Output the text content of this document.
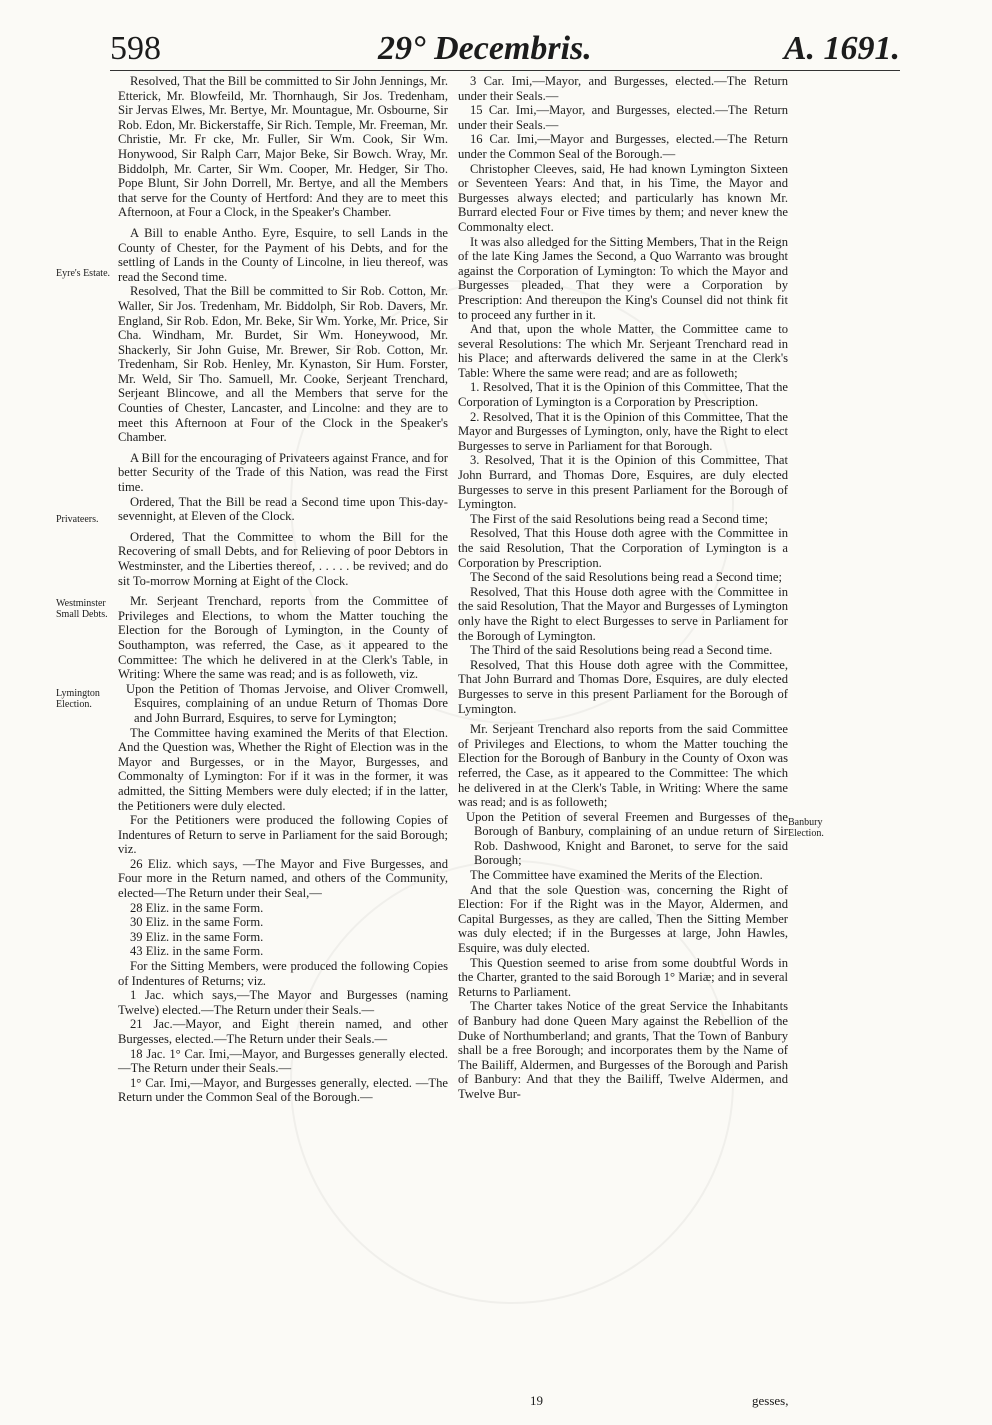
598	29° Decembris.	A. 1691.
Eyre's Estate.
Privateers.
Westminster Small Debts.
Lymington Election.
Banbury Election.

Resolved, That the Bill be committed to Sir John Jennings, Mr. Etterick, Mr. Blowfeild, Mr. Thornhaugh, Sir Jos. Tredenham, Sir Jervas Elwes, Mr. Bertye, Mr. Mountague, Mr. Osbourne, Sir Rob. Edon, Mr. Bickerstaffe, Sir Rich. Temple, Mr. Freeman, Mr. Christie, Mr. Fr cke, Mr. Fuller, Sir Wm. Cook, Sir Wm. Honywood, Sir Ralph Carr, Major Beke, Sir Bowch. Wray, Mr. Biddolph, Mr. Carter, Sir Wm. Cooper, Mr. Hedger, Sir Tho. Pope Blunt, Sir John Dorrell, Mr. Bertye, and all the Members that serve for the County of Hertford: And they are to meet this Afternoon, at Four a Clock, in the Speaker's Chamber.

A Bill to enable Antho. Eyre, Esquire, to sell Lands in the County of Chester, for the Payment of his Debts, and for the settling of Lands in the County of Lincolne, in lieu thereof, was read the Second time.

Resolved, That the Bill be committed to Sir Rob. Cotton, Mr. Waller, Sir Jos. Tredenham, Mr. Biddolph, Sir Rob. Davers, Mr. England, Sir Rob. Edon, Mr. Beke, Sir Wm. Yorke, Mr. Price, Sir Cha. Windham, Mr. Burdet, Sir Wm. Honeywood, Mr. Shackerly, Sir John Guise, Mr. Brewer, Sir Rob. Cotton, Mr. Tredenham, Sir Rob. Henley, Mr. Kynaston, Sir Hum. Forster, Mr. Weld, Sir Tho. Samuell, Mr. Cooke, Serjeant Trenchard, Serjeant Blincowe, and all the Members that serve for the Counties of Chester, Lancaster, and Lincolne: and they are to meet this Afternoon at Four of the Clock in the Speaker's Chamber.

A Bill for the encouraging of Privateers against France, and for better Security of the Trade of this Nation, was read the First time.

Ordered, That the Bill be read a Second time upon This-day-sevennight, at Eleven of the Clock.

Ordered, That the Committee to whom the Bill for the Recovering of small Debts, and for Relieving of poor Debtors in Westminster, and the Liberties thereof, . . . . . be revived; and do sit To-morrow Morning at Eight of the Clock.

Mr. Serjeant Trenchard, reports from the Committee of Privileges and Elections, to whom the Matter touching the Election for the Borough of Lymington, in the County of Southampton, was referred, the Case, as it appeared to the Committee: The which he delivered in at the Clerk's Table, in Writing: Where the same was read; and is as followeth, viz.

Upon the Petition of Thomas Jervoise, and Oliver Cromwell, Esquires, complaining of an undue Return of Thomas Dore and John Burrard, Esquires, to serve for Lymington;

The Committee having examined the Merits of that Election. And the Question was, Whether the Right of Election was in the Mayor and Burgesses, or in the Mayor, Burgesses, and Commonalty of Lymington: For if it was in the former, it was admitted, the Sitting Members were duly elected; if in the latter, the Petitioners were duly elected.

For the Petitioners were produced the following Copies of Indentures of Return to serve in Parliament for the said Borough; viz.

26 Eliz. which says, —The Mayor and Five Burgesses, and Four more in the Return named, and others of the Community, elected—The Return under their Seal,—

28 Eliz. in the same Form.

30 Eliz. in the same Form.

39 Eliz. in the same Form.

43 Eliz. in the same Form.

For the Sitting Members, were produced the following Copies of Indentures of Returns; viz.

1 Jac. which says,—The Mayor and Burgesses (naming Twelve) elected.—The Return under their Seals.—

21 Jac.—Mayor, and Eight therein named, and other Burgesses, elected.—The Return under their Seals.—

18 Jac. 1° Car. Imi,—Mayor, and Burgesses generally elected.—The Return under their Seals.—

1° Car. Imi,—Mayor, and Burgesses generally, elected. —The Return under the Common Seal of the Borough.—

3 Car. Imi,—Mayor, and Burgesses, elected.—The Return under their Seals.—

15 Car. Imi,—Mayor, and Burgesses, elected.—The Return under their Seals.—

16 Car. Imi,—Mayor and Burgesses, elected.—The Return under the Common Seal of the Borough.—

Christopher Cleeves, said, He had known Lymington Sixteen or Seventeen Years: And that, in his Time, the Mayor and Burgesses always elected; and particularly has known Mr. Burrard elected Four or Five times by them; and never knew the Commonalty elect.

It was also alledged for the Sitting Members, That in the Reign of the late King James the Second, a Quo Warranto was brought against the Corporation of Lymington: To which the Mayor and Burgesses pleaded, That they were a Corporation by Prescription: And thereupon the King's Counsel did not think fit to proceed any further in it.

And that, upon the whole Matter, the Committee came to several Resolutions: The which Mr. Serjeant Trenchard read in his Place; and afterwards delivered the same in at the Clerk's Table: Where the same were read; and are as followeth;

1. Resolved, That it is the Opinion of this Committee, That the Corporation of Lymington is a Corporation by Prescription.

2. Resolved, That it is the Opinion of this Committee, That the Mayor and Burgesses of Lymington, only, have the Right to elect Burgesses to serve in Parliament for that Borough.

3. Resolved, That it is the Opinion of this Committee, That John Burrard, and Thomas Dore, Esquires, are duly elected Burgesses to serve in this present Parliament for the Borough of Lymington.

The First of the said Resolutions being read a Second time;

Resolved, That this House doth agree with the Committee in the said Resolution, That the Corporation of Lymington is a Corporation by Prescription.

The Second of the said Resolutions being read a Second time;

Resolved, That this House doth agree with the Committee in the said Resolution, That the Mayor and Burgesses of Lymington only have the Right to elect Burgesses to serve in Parliament for the Borough of Lymington.

The Third of the said Resolutions being read a Second time.

Resolved, That this House doth agree with the Committee, That John Burrard and Thomas Dore, Esquires, are duly elected Burgesses to serve in this present Parliament for the Borough of Lymington.

Mr. Serjeant Trenchard also reports from the said Committee of Privileges and Elections, to whom the Matter touching the Election for the Borough of Banbury in the County of Oxon was referred, the Case, as it appeared to the Committee: The which he delivered in at the Clerk's Table, in Writing: Where the same was read; and is as followeth;

Upon the Petition of several Freemen and Burgesses of the Borough of Banbury, complaining of an undue return of Sir Rob. Dashwood, Knight and Baronet, to serve for the said Borough;

The Committee have examined the Merits of the Election.

And that the sole Question was, concerning the Right of Election: For if the Right was in the Mayor, Aldermen, and Capital Burgesses, as they are called, Then the Sitting Member was duly elected; if in the Burgesses at large, John Hawles, Esquire, was duly elected.

This Question seemed to arise from some doubtful Words in the Charter, granted to the said Borough 1° Mariæ; and in several Returns to Parliament.

The Charter takes Notice of the great Service the Inhabitants of Banbury had done Queen Mary against the Rebellion of the Duke of Northumberland; and grants, That the Town of Banbury shall be a free Borough; and incorporates them by the Name of The Bailiff, Aldermen, and Burgesses of the Borough and Parish of Banbury: And that they the Bailiff, Twelve Aldermen, and Twelve Bur-

19	gesses,
